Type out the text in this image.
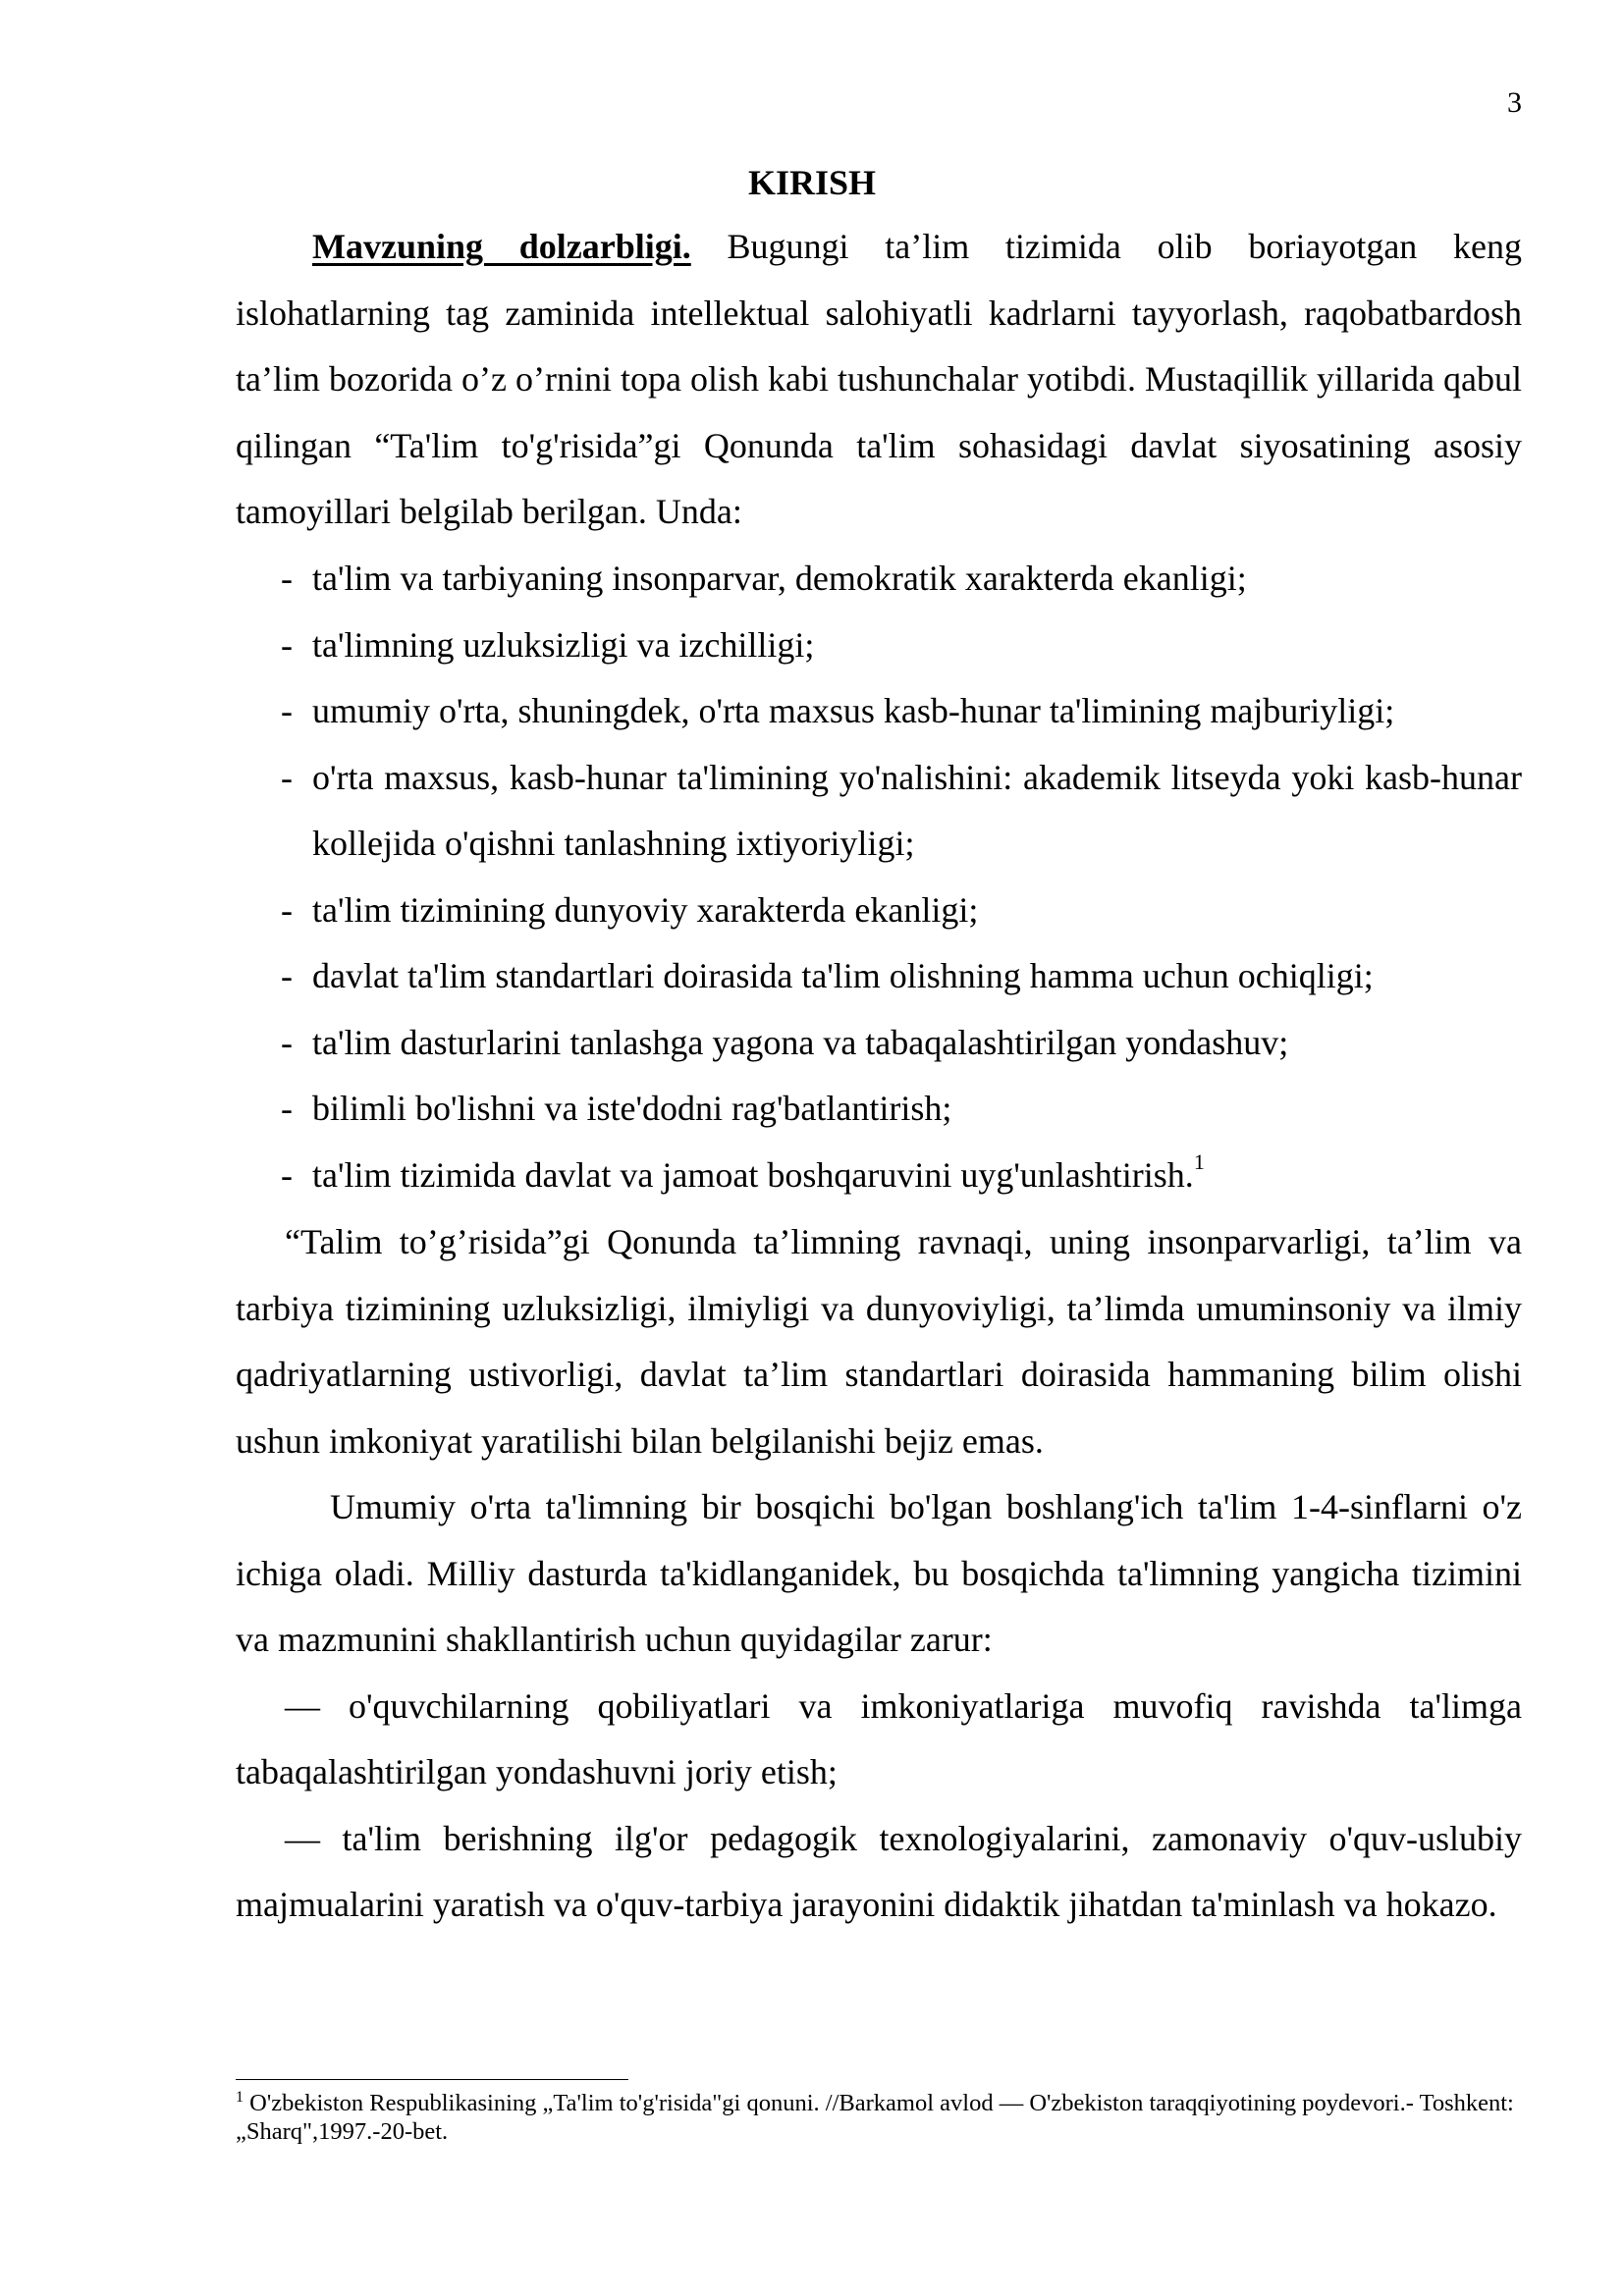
3
KIRISH

Mavzuning dolzarbligi. Bugungi ta’lim tizimida olib boriayotgan keng islohatlarning tag zaminida intellektual salohiyatli kadrlarni tayyorlash, raqobatbardosh ta’lim bozorida o’z o’rnini topa olish kabi tushunchalar yotibdi. Mustaqillik yillarida qabul qilingan “Ta'lim to'g'risida”gi Qonunda ta'lim sohasidagi davlat siyosatining asosiy tamoyillari belgilab berilgan. Unda:

- ta'lim va tarbiyaning insonparvar, demokratik xarakterda ekanligi;
- ta'limning uzluksizligi va izchilligi;
- umumiy o'rta, shuningdek, o'rta maxsus kasb-hunar ta'limining majburiyligi;
- o'rta maxsus, kasb-hunar ta'limining yo'nalishini: akademik litseyda yoki kasb-hunar kollejida o'qishni tanlashning ixtiyoriyligi;
- ta'lim tizimining dunyoviy xarakterda ekanligi;
- davlat ta'lim standartlari doirasida ta'lim olishning hamma uchun ochiqligi;
- ta'lim dasturlarini tanlashga yagona va tabaqalashtirilgan yondashuv;
- bilimli bo'lishni va iste'dodni rag'batlantirish;
- ta'lim tizimida davlat va jamoat boshqaruvini uyg'unlashtirish.$^1$

“Talim to’g’risida”gi Qonunda ta’limning ravnaqi, uning insonparvarligi, ta’lim va tarbiya tizimining uzluksizligi, ilmiyligi va dunyoviyligi, ta’limda umuminsoniy va ilmiy qadriyatlarning ustivorligi, davlat ta’lim standartlari doirasida hammaning bilim olishi ushun imkoniyat yaratilishi bilan belgilanishi bejiz emas.

Umumiy o'rta ta'limning bir bosqichi bo'lgan boshlang'ich ta'lim 1-4-sinflarni o'z ichiga oladi. Milliy dasturda ta'kidlanganidek, bu bosqichda ta'limning yangicha tizimini va mazmunini shakllantirish uchun quyidagilar zarur:

— o'quvchilarning qobiliyatlari va imkoniyatlariga muvofiq ravishda ta'limga tabaqalashtirilgan yondashuvni joriy etish;

— ta'lim berishning ilg'or pedagogik texnologiyalarini, zamonaviy o'quv-uslubiy majmualarini yaratish va o'quv-tarbiya jarayonini didaktik jihatdan ta'minlash va hokazo.

$^1$ O'zbekiston Respublikasining „Ta'lim to'g'risida"gi qonuni. //Barkamol avlod — O'zbekiston taraqqiyotining poydevori.- Toshkent: „Sharq",1997.-20-bet.
